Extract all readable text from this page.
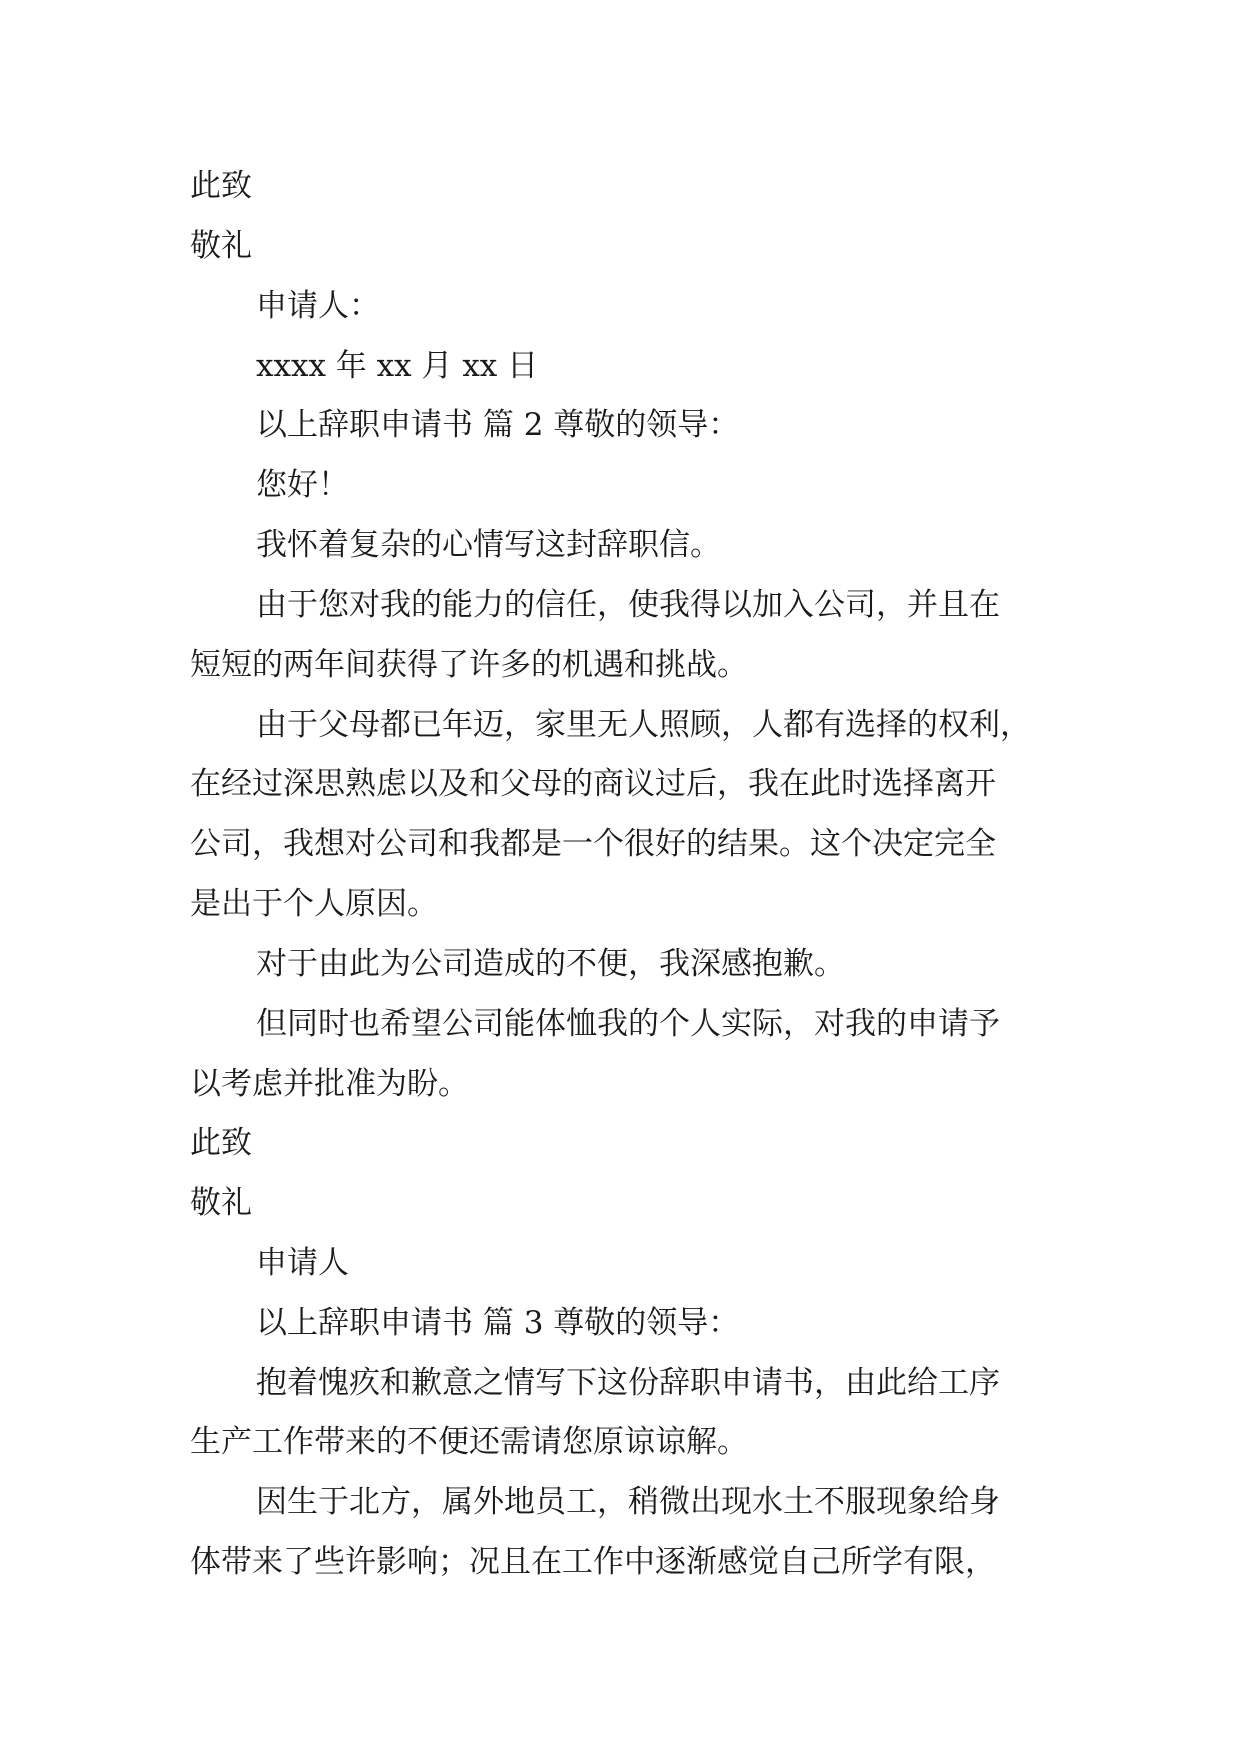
此致
敬礼
申请人：
xxxx 年 xx 月 xx 日
以上辞职申请书 篇 2 尊敬的领导：
您好！
我怀着复杂的心情写这封辞职信。
由于您对我的能力的信任，使我得以加入公司，并且在
短短的两年间获得了许多的机遇和挑战。
由于父母都已年迈，家里无人照顾，人都有选择的权利，
在经过深思熟虑以及和父母的商议过后，我在此时选择离开
公司，我想对公司和我都是一个很好的结果。这个决定完全
是出于个人原因。
对于由此为公司造成的不便，我深感抱歉。
但同时也希望公司能体恤我的个人实际，对我的申请予
以考虑并批准为盼。
此致
敬礼
申请人
以上辞职申请书 篇 3 尊敬的领导：
抱着愧疚和歉意之情写下这份辞职申请书，由此给工序
生产工作带来的不便还需请您原谅谅解。
因生于北方，属外地员工，稍微出现水土不服现象给身
体带来了些许影响；况且在工作中逐渐感觉自己所学有限，
